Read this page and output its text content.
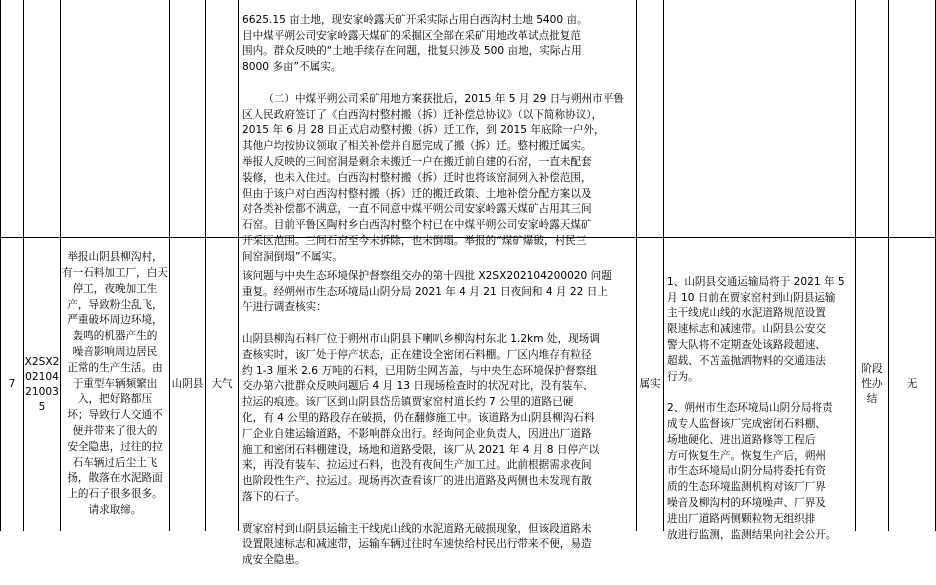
6625.15 亩土地，现安家岭露天矿开采实际占用白西沟村土地 5400 亩。
目中煤平朔公司安家岭露天煤矿的采掘区全部在采矿用地改革试点批复范
围内。群众反映的“土地手续存在问题，批复只涉及 500 亩地，实际占用
8000 多亩”不属实。

（二）中煤平朔公司采矿用地方案获批后，2015 年 5 月 29 日与朔州市平鲁
区人民政府签订了《白西沟村整村搬（拆）迁补偿总协议》（以下简称协议），
2015 年 6 月 28 日正式启动整村搬（拆）迁工作，到 2015 年底除一户外，
其他户均按协议领取了相关补偿并自愿完成了搬（拆）迁。整村搬迁属实。
举报人反映的三间窑洞是剩余未搬迁一户在搬迁前自建的石窑，一直未配套
装修，也未入住过。白西沟村整村搬（拆）迁时也将该窑洞列入补偿范围，
但由于该户对白西沟村整村搬（拆）迁的搬迁政策、土地补偿分配方案以及
对各类补偿都不满意，一直不同意中煤平朔公司安家岭露天煤矿占用其三间
石窑。目前平鲁区陶村乡白西沟村整个村已在中煤平朔公司安家岭露天煤矿
开采区范围。三间石窑至今未拆除，也未倒塌。举报的“煤矿爆破，村民三
间窑洞倒塌”不属实。

7
X2SX2
02104
21003
5
举报山阴县柳沟村，
有一石料加工厂，白天
停工，夜晚加工生
产，导致粉尘乱飞，
严重破坏周边环境，
轰鸣的机器产生的
噪音影响周边居民
正常的生产生活。由
于重型车辆频繁出
入，把好路都压
坏；导致行人交通不
便并带来了很大的
安全隐患，过往的拉
石车辆过后尘土飞
扬，散落在水泥路面
上的石子很多很多。
请求取缔。
山阴县 大气

该问题与中央生态环境保护督察组交办的第十四批 X2SX202104200020 问题
重复。经朔州市生态环境局山阴分局 2021 年 4 月 21 日夜间和 4 月 22 日上
午进行调查核实：

山阴县柳沟石料厂位于朔州市山阴县下喇叭乡柳沟村东北 1.2km 处，现场调
查核实时，该厂处于停产状态，正在建设全密闭石料棚。厂区内堆存有粒径
约 1-3 厘米 2.6 万吨的石料，已用防尘网苫盖，与中央生态环境保护督察组
交办第六批群众反映问题后 4 月 13 日现场检查时的状况对比，没有装车、
拉运的痕迹。该厂区到山阴县岱岳镇贾家窑村道长约 7 公里的道路已硬
化，有 4 公里的路段存在破损，仍在翻修施工中。该道路为山阴县柳沟石料
厂企业自建运输道路，不影响群众出行。经询问企业负责人，因进出厂道路
施工和密闭石料棚建设，场地和道路受限，该厂从 2021 年 4 月 8 日停产以
来，再没有装车、拉运过石料，也没有夜间生产加工过。此前根据需求夜间
也阶段性生产、拉运过。现场再次查看该厂的进出道路及两侧也未发现有散
落下的石子。

贾家窑村到山阴县运输主干线虎山线的水泥道路无破损现象，但该段道路未
设置限速标志和减速带，运输车辆过往时车速快给村民出行带来不便，易造
成安全隐患。

属实

1、山阴县交通运输局将于 2021 年 5
月 10 日前在贾家窑村到山阴县运输
主干线虎山线的水泥道路规范设置
限速标志和减速带。山阴县公安交
警大队将不定期查处该路段超速、
超载、不苫盖抛洒物料的交通违法
行为。

2、朔州市生态环境局山阴分局将责
成专人监督该厂完成密闭石料棚、
场地硬化、进出道路修等工程后
方可恢复生产。恢复生产后，朔州
市生态环境局山阴分局将委托有资
质的生态环境监测机构对该厂厂界
噪音及柳沟村的环境噪声、厂界及
进出厂道路两侧颗粒物无组织排
放进行监测，监测结果向社会公开。

阶段
性办
结
无
